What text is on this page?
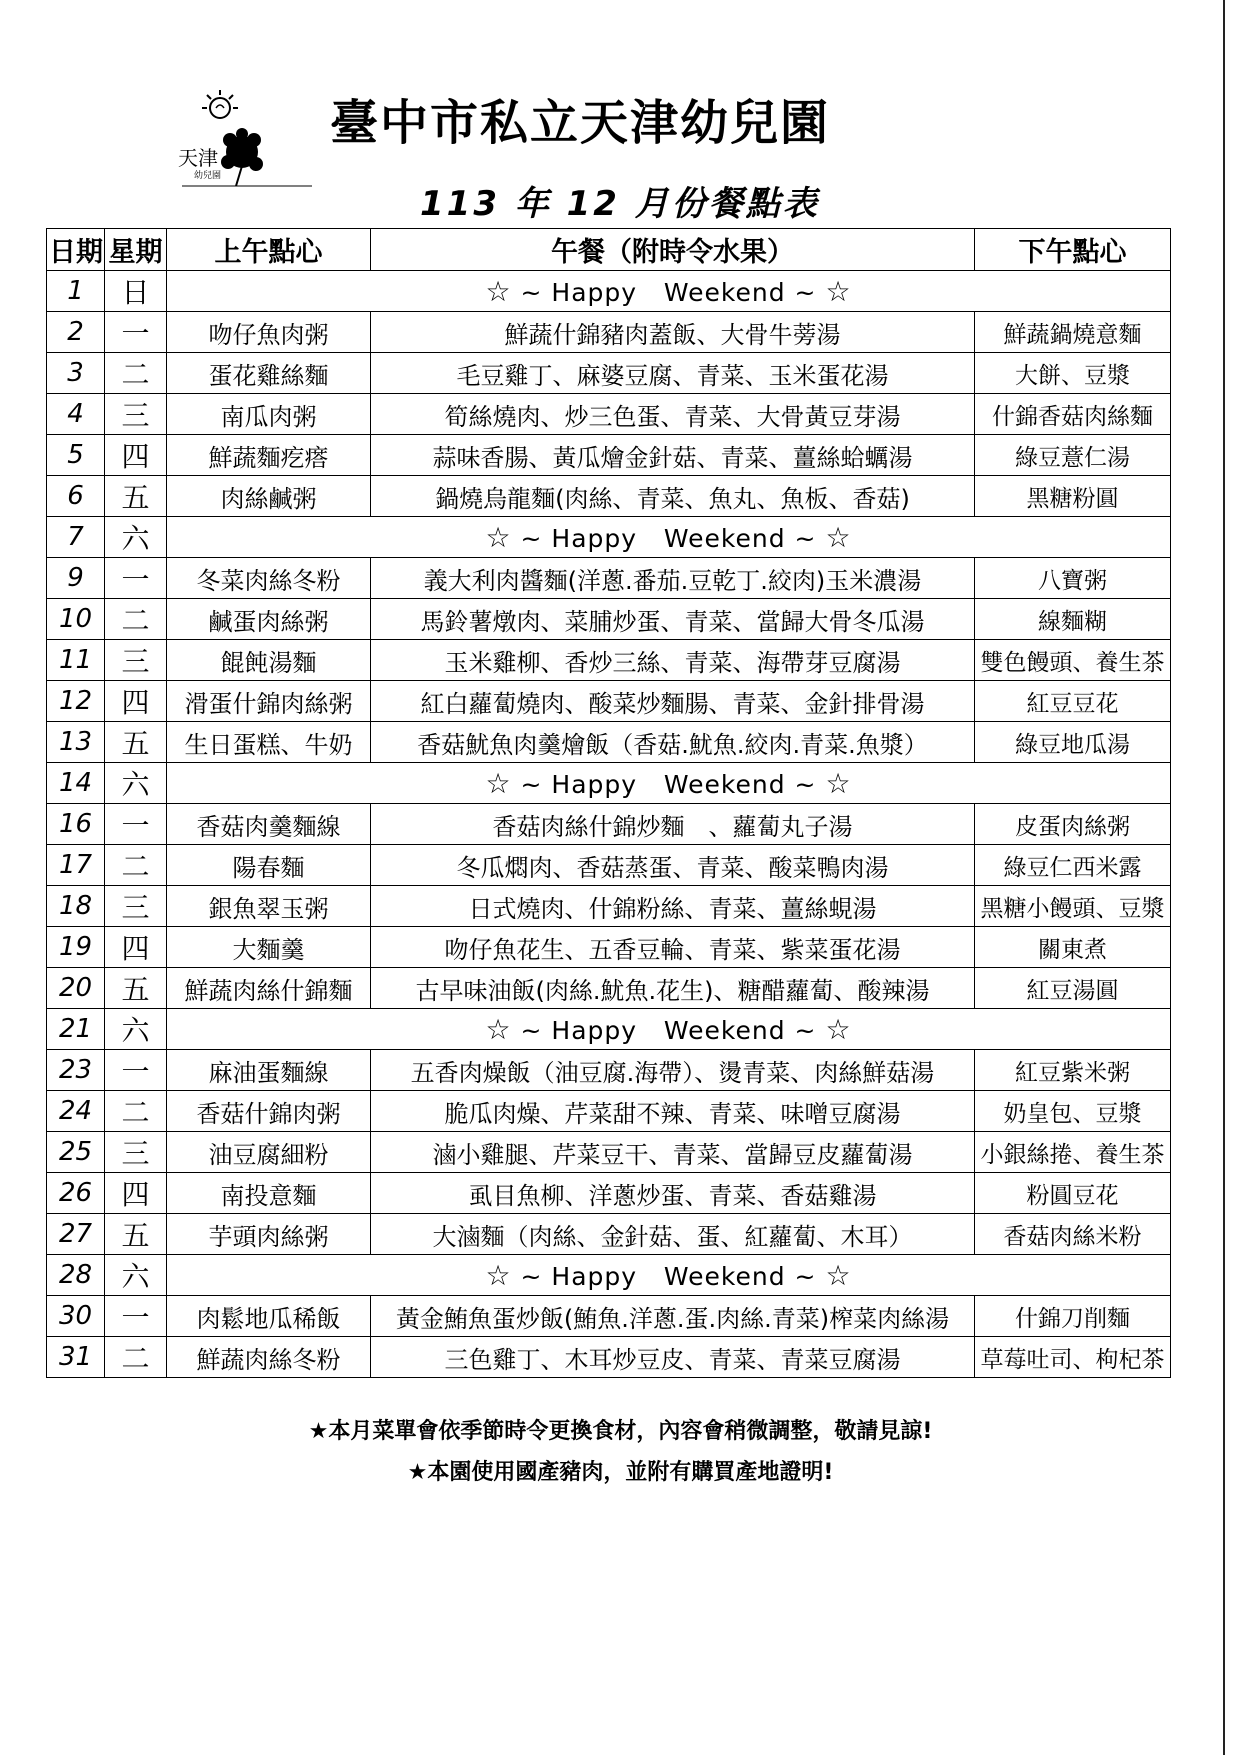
天津
幼兒園
臺中市私立天津幼兒園
113 年 12 月份餐點表
日期	星期	上午點心	午餐（附時令水果）	下午點心
1	日	☆ ~ Happy   Weekend ~ ☆		
2	一	吻仔魚肉粥	鮮蔬什錦豬肉蓋飯、大骨牛蒡湯	鮮蔬鍋燒意麵
3	二	蛋花雞絲麵	毛豆雞丁、麻婆豆腐、青菜、玉米蛋花湯	大餅、豆漿
4	三	南瓜肉粥	筍絲燒肉、炒三色蛋、青菜、大骨黃豆芽湯	什錦香菇肉絲麵
5	四	鮮蔬麵疙瘩	蒜味香腸、黃瓜燴金針菇、青菜、薑絲蛤蠣湯	綠豆薏仁湯
6	五	肉絲鹹粥	鍋燒烏龍麵(肉絲、青菜、魚丸、魚板、香菇)	黑糖粉圓
7	六	☆ ~ Happy   Weekend ~ ☆		
9	一	冬菜肉絲冬粉	義大利肉醬麵(洋蔥.番茄.豆乾丁.絞肉)玉米濃湯	八寶粥
10	二	鹹蛋肉絲粥	馬鈴薯燉肉、菜脯炒蛋、青菜、當歸大骨冬瓜湯	線麵糊
11	三	餛飩湯麵	玉米雞柳、香炒三絲、青菜、海帶芽豆腐湯	雙色饅頭、養生茶
12	四	滑蛋什錦肉絲粥	紅白蘿蔔燒肉、酸菜炒麵腸、青菜、金針排骨湯	紅豆豆花
13	五	生日蛋糕、牛奶	香菇魷魚肉羹燴飯（香菇.魷魚.絞肉.青菜.魚漿）	綠豆地瓜湯
14	六	☆ ~ Happy   Weekend ~ ☆		
16	一	香菇肉羹麵線	香菇肉絲什錦炒麵　、蘿蔔丸子湯	皮蛋肉絲粥
17	二	陽春麵	冬瓜燜肉、香菇蒸蛋、青菜、酸菜鴨肉湯	綠豆仁西米露
18	三	銀魚翠玉粥	日式燒肉、什錦粉絲、青菜、薑絲蜆湯	黑糖小饅頭、豆漿
19	四	大麵羹	吻仔魚花生、五香豆輪、青菜、紫菜蛋花湯	關東煮
20	五	鮮蔬肉絲什錦麵	古早味油飯(肉絲.魷魚.花生)、糖醋蘿蔔、酸辣湯	紅豆湯圓
21	六	☆ ~ Happy   Weekend ~ ☆		
23	一	麻油蛋麵線	五香肉燥飯（油豆腐.海帶）、燙青菜、肉絲鮮菇湯	紅豆紫米粥
24	二	香菇什錦肉粥	脆瓜肉燥、芹菜甜不辣、青菜、味噌豆腐湯	奶皇包、豆漿
25	三	油豆腐細粉	滷小雞腿、芹菜豆干、青菜、當歸豆皮蘿蔔湯	小銀絲捲、養生茶
26	四	南投意麵	虱目魚柳、洋蔥炒蛋、青菜、香菇雞湯	粉圓豆花
27	五	芋頭肉絲粥	大滷麵（肉絲、金針菇、蛋、紅蘿蔔、木耳）	香菇肉絲米粉
28	六	☆ ~ Happy   Weekend ~ ☆		
30	一	肉鬆地瓜稀飯	黃金鮪魚蛋炒飯(鮪魚.洋蔥.蛋.肉絲.青菜)榨菜肉絲湯	什錦刀削麵
31	二	鮮蔬肉絲冬粉	三色雞丁、木耳炒豆皮、青菜、青菜豆腐湯	草莓吐司、枸杞茶
★本月菜單會依季節時令更換食材，內容會稍微調整，敬請見諒!
★本園使用國產豬肉，並附有購買產地證明!
